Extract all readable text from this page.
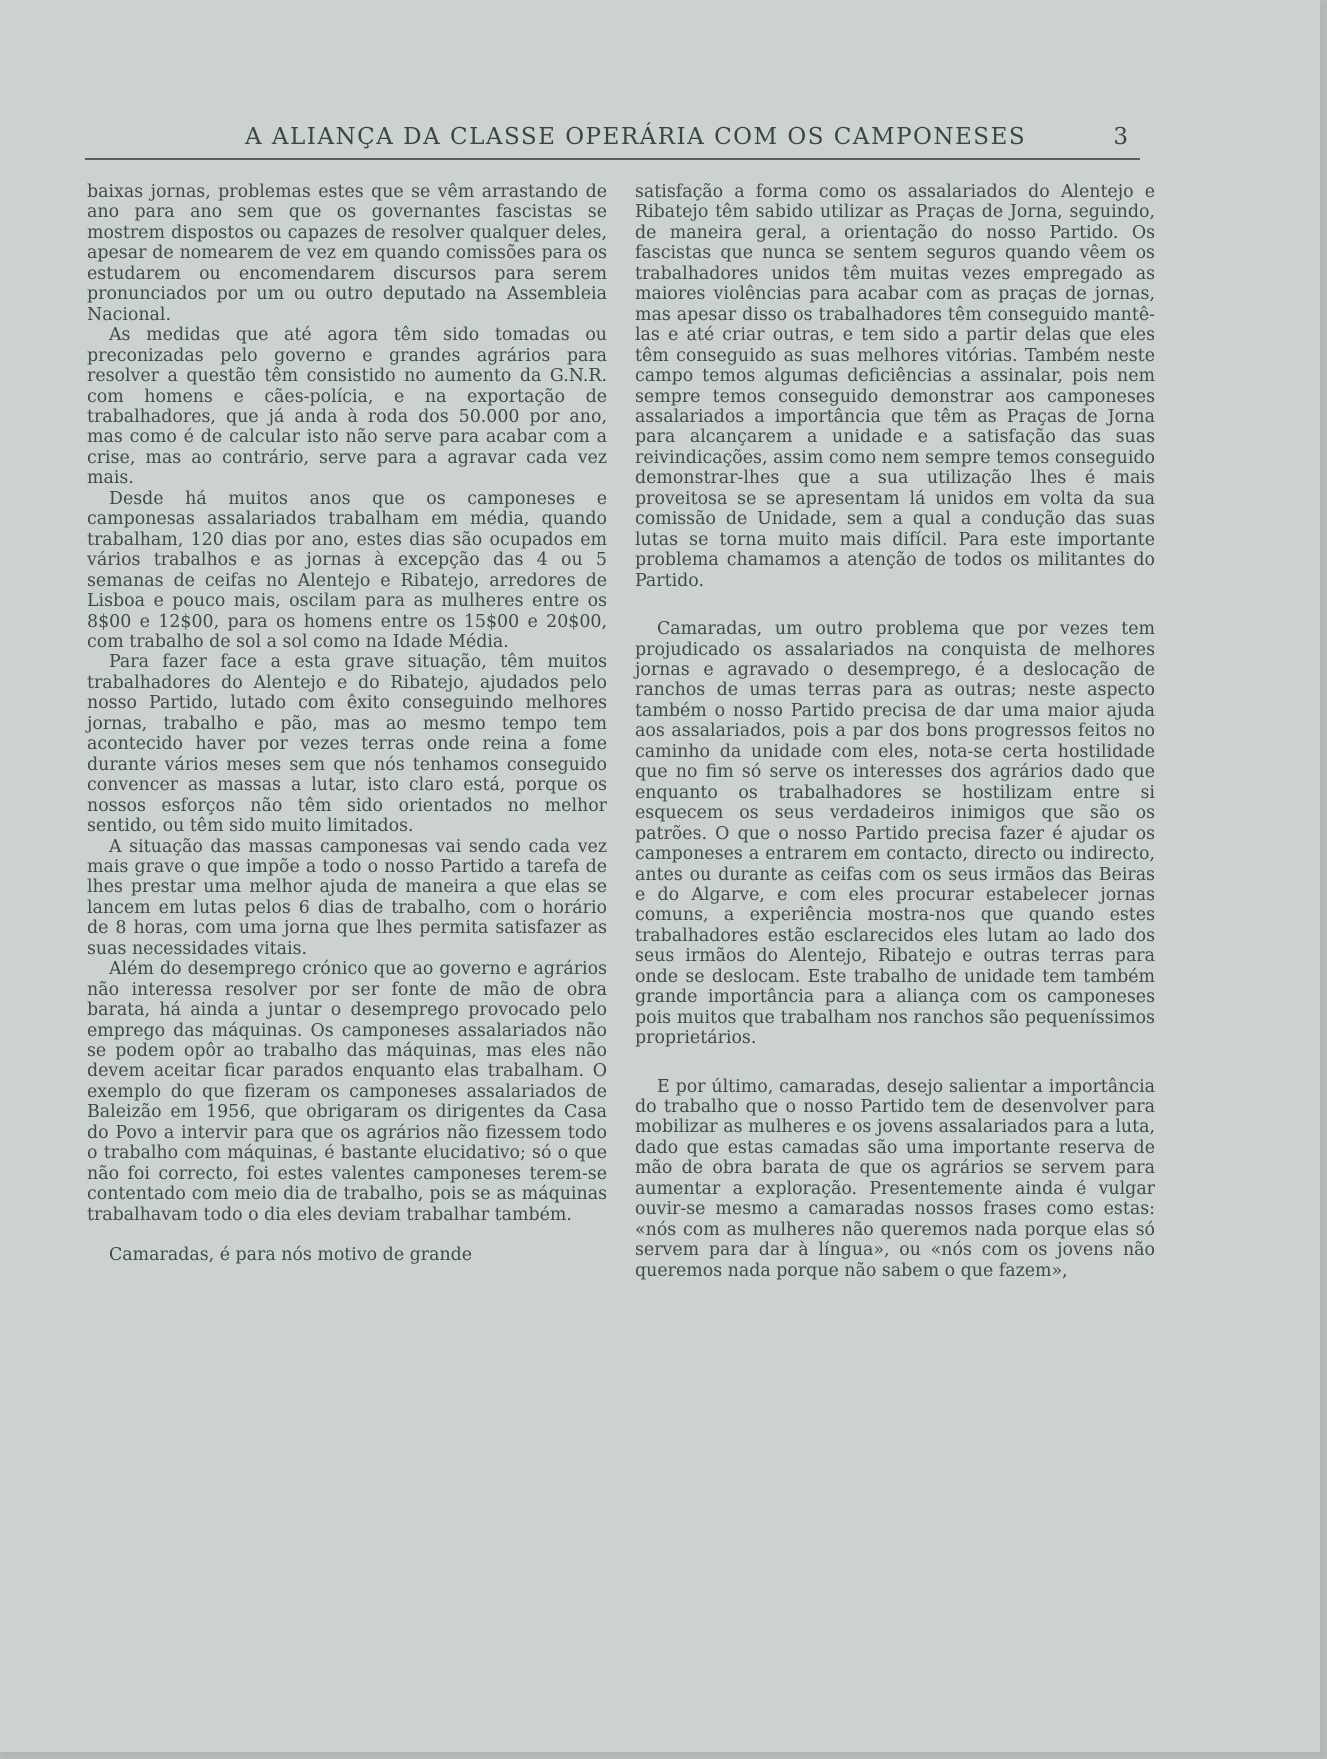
A ALIANÇA DA CLASSE OPERÁRIA COM OS CAMPONESES	3

baixas jornas, problemas estes que se vêm arrastando de ano para ano sem que os governantes fascistas se mostrem dispostos ou capazes de resolver qualquer deles, apesar de nomearem de vez em quando comissões para os estudarem ou encomendarem discursos para serem pronunciados por um ou outro deputado na Assembleia Nacional.

As medidas que até agora têm sido tomadas ou preconizadas pelo governo e grandes agrários para resolver a questão têm consistido no aumento da G.N.R. com homens e cães-polícia, e na exportação de trabalhadores, que já anda à roda dos 50.000 por ano, mas como é de calcular isto não serve para acabar com a crise, mas ao contrário, serve para a agravar cada vez mais.

Desde há muitos anos que os camponeses e camponesas assalariados trabalham em média, quando trabalham, 120 dias por ano, estes dias são ocupados em vários trabalhos e as jornas à excepção das 4 ou 5 semanas de ceifas no Alentejo e Ribatejo, arredores de Lisboa e pouco mais, oscilam para as mulheres entre os 8$00 e 12$00, para os homens entre os 15$00 e 20$00, com trabalho de sol a sol como na Idade Média.

Para fazer face a esta grave situação, têm muitos trabalhadores do Alentejo e do Ribatejo, ajudados pelo nosso Partido, lutado com êxito conseguindo melhores jornas, trabalho e pão, mas ao mesmo tempo tem acontecido haver por vezes terras onde reina a fome durante vários meses sem que nós tenhamos conseguido convencer as massas a lutar, isto claro está, porque os nossos esforços não têm sido orientados no melhor sentido, ou têm sido muito limitados.

A situação das massas camponesas vai sendo cada vez mais grave o que impõe a todo o nosso Partido a tarefa de lhes prestar uma melhor ajuda de maneira a que elas se lancem em lutas pelos 6 dias de trabalho, com o horário de 8 horas, com uma jorna que lhes permita satisfazer as suas necessidades vitais.

Além do desemprego crónico que ao governo e agrários não interessa resolver por ser fonte de mão de obra barata, há ainda a juntar o desemprego provocado pelo emprego das máquinas. Os camponeses assalariados não se podem opôr ao trabalho das máquinas, mas eles não devem aceitar ficar parados enquanto elas trabalham. O exemplo do que fizeram os camponeses assalariados de Baleizão em 1956, que obrigaram os dirigentes da Casa do Povo a intervir para que os agrários não fizessem todo o trabalho com máquinas, é bastante elucidativo; só o que não foi correcto, foi estes valentes camponeses terem-se contentado com meio dia de trabalho, pois se as máquinas trabalhavam todo o dia eles deviam trabalhar também.

Camaradas, é para nós motivo de grande

satisfação a forma como os assalariados do Alentejo e Ribatejo têm sabido utilizar as Praças de Jorna, seguindo, de maneira geral, a orientação do nosso Partido. Os fascistas que nunca se sentem seguros quando vêem os trabalhadores unidos têm muitas vezes empregado as maiores violências para acabar com as praças de jornas, mas apesar disso os trabalhadores têm conseguido mantê-las e até criar outras, e tem sido a partir delas que eles têm conseguido as suas melhores vitórias. Também neste campo temos algumas deficiências a assinalar, pois nem sempre temos conseguido demonstrar aos camponeses assalariados a importância que têm as Praças de Jorna para alcançarem a unidade e a satisfação das suas reivindicações, assim como nem sempre temos conseguido demonstrar-lhes que a sua utilização lhes é mais proveitosa se se apresentam lá unidos em volta da sua comissão de Unidade, sem a qual a condução das suas lutas se torna muito mais difícil. Para este importante problema chamamos a atenção de todos os militantes do Partido.

Camaradas, um outro problema que por vezes tem projudicado os assalariados na conquista de melhores jornas e agravado o desemprego, é a deslocação de ranchos de umas terras para as outras; neste aspecto também o nosso Partido precisa de dar uma maior ajuda aos assalariados, pois a par dos bons progressos feitos no caminho da unidade com eles, nota-se certa hostilidade que no fim só serve os interesses dos agrários dado que enquanto os trabalhadores se hostilizam entre si esquecem os seus verdadeiros inimigos que são os patrões. O que o nosso Partido precisa fazer é ajudar os camponeses a entrarem em contacto, directo ou indirecto, antes ou durante as ceifas com os seus irmãos das Beiras e do Algarve, e com eles procurar estabelecer jornas comuns, a experiência mostra-nos que quando estes trabalhadores estão esclarecidos eles lutam ao lado dos seus irmãos do Alentejo, Ribatejo e outras terras para onde se deslocam. Este trabalho de unidade tem também grande importância para a aliança com os camponeses pois muitos que trabalham nos ranchos são pequeníssimos proprietários.

E por último, camaradas, desejo salientar a importância do trabalho que o nosso Partido tem de desenvolver para mobilizar as mulheres e os jovens assalariados para a luta, dado que estas camadas são uma importante reserva de mão de obra barata de que os agrários se servem para aumentar a exploração. Presentemente ainda é vulgar ouvir-se mesmo a camaradas nossos frases como estas: «nós com as mulheres não queremos nada porque elas só servem para dar à língua», ou «nós com os jovens não queremos nada porque não sabem o que fazem»,
